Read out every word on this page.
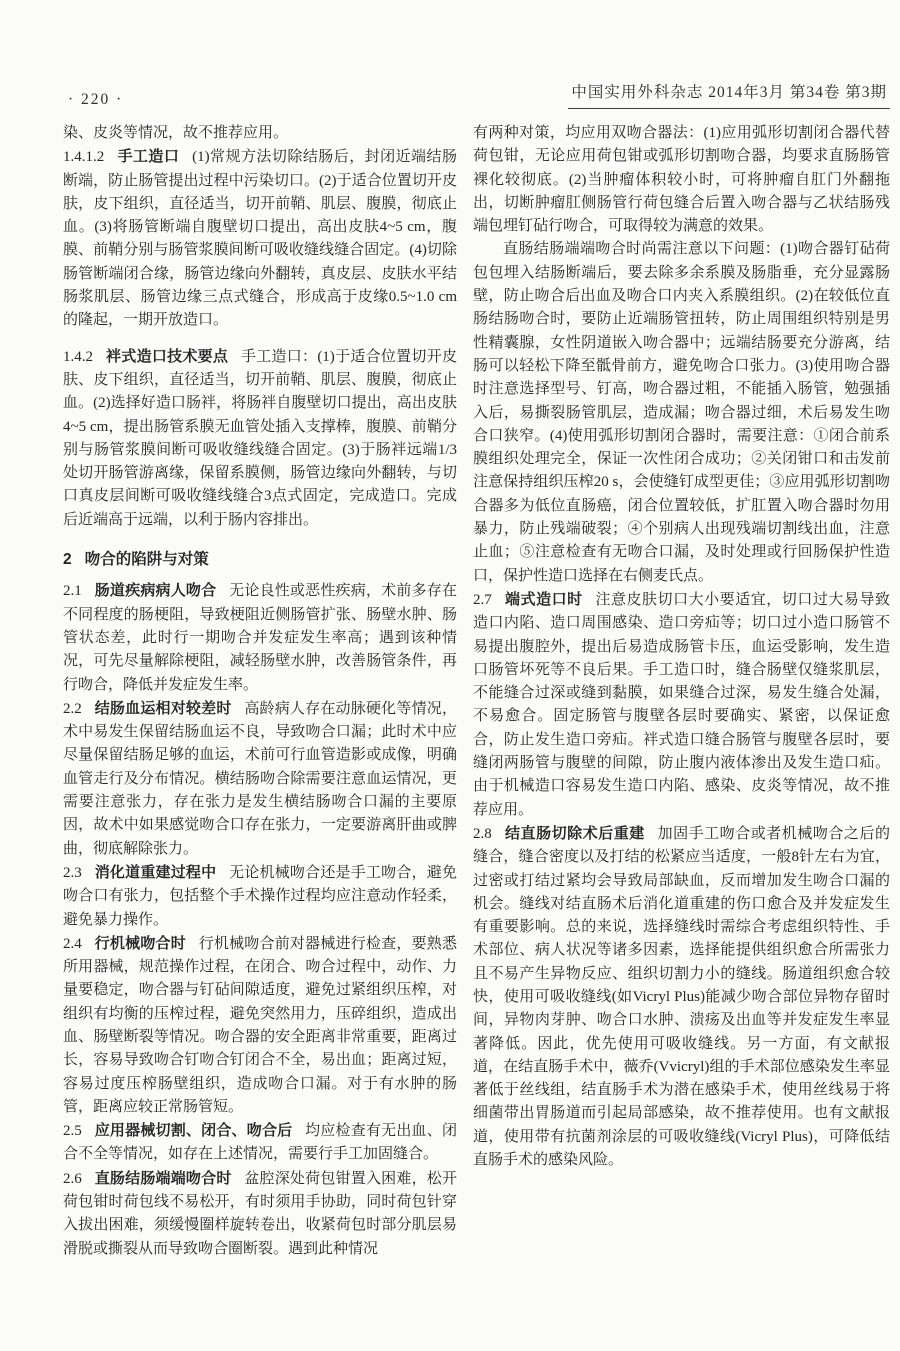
· 220 ·	中国实用外科杂志 2014年3月 第34卷 第3期

染、皮炎等情况，故不推荐应用。

1.4.1.2 手工造口 (1)常规方法切除结肠后，封闭近端结肠断端，防止肠管提出过程中污染切口。(2)于适合位置切开皮肤，皮下组织，直径适当，切开前鞘、肌层、腹膜，彻底止血。(3)将肠管断端自腹壁切口提出，高出皮肤4~5 cm，腹膜、前鞘分别与肠管浆膜间断可吸收缝线缝合固定。(4)切除肠管断端闭合缘，肠管边缘向外翻转，真皮层、皮肤水平结肠浆肌层、肠管边缘三点式缝合，形成高于皮缘0.5~1.0 cm的隆起，一期开放造口。

1.4.2 袢式造口技术要点 手工造口：(1)于适合位置切开皮肤、皮下组织，直径适当，切开前鞘、肌层、腹膜，彻底止血。(2)选择好造口肠袢，将肠袢自腹壁切口提出，高出皮肤4~5 cm，提出肠管系膜无血管处插入支撑棒，腹膜、前鞘分别与肠管浆膜间断可吸收缝线缝合固定。(3)于肠袢远端1/3处切开肠管游离缘，保留系膜侧，肠管边缘向外翻转，与切口真皮层间断可吸收缝线缝合3点式固定，完成造口。完成后近端高于远端，以利于肠内容排出。

2 吻合的陷阱与对策

2.1 肠道疾病病人吻合 无论良性或恶性疾病，术前多存在不同程度的肠梗阻，导致梗阻近侧肠管扩张、肠壁水肿、肠管状态差，此时行一期吻合并发症发生率高；遇到该种情况，可先尽量解除梗阻，减轻肠壁水肿，改善肠管条件，再行吻合，降低并发症发生率。

2.2 结肠血运相对较差时 高龄病人存在动脉硬化等情况，术中易发生保留结肠血运不良，导致吻合口漏；此时术中应尽量保留结肠足够的血运，术前可行血管造影或成像，明确血管走行及分布情况。横结肠吻合除需要注意血运情况，更需要注意张力，存在张力是发生横结肠吻合口漏的主要原因，故术中如果感觉吻合口存在张力，一定要游离肝曲或脾曲，彻底解除张力。

2.3 消化道重建过程中 无论机械吻合还是手工吻合，避免吻合口有张力，包括整个手术操作过程均应注意动作轻柔，避免暴力操作。

2.4 行机械吻合时 行机械吻合前对器械进行检查，要熟悉所用器械，规范操作过程，在闭合、吻合过程中，动作、力量要稳定，吻合器与钉砧间隙适度，避免过紧组织压榨，对组织有均衡的压榨过程，避免突然用力，压碎组织，造成出血、肠壁断裂等情况。吻合器的安全距离非常重要，距离过长，容易导致吻合钉吻合钉闭合不全，易出血；距离过短，容易过度压榨肠壁组织，造成吻合口漏。对于有水肿的肠管，距离应较正常肠管短。

2.5 应用器械切割、闭合、吻合后 均应检查有无出血、闭合不全等情况，如存在上述情况，需要行手工加固缝合。

2.6 直肠结肠端端吻合时 盆腔深处荷包钳置入困难，松开荷包钳时荷包线不易松开，有时须用手协助，同时荷包针穿入拔出困难，须缓慢圈样旋转卷出，收紧荷包时部分肌层易滑脱或撕裂从而导致吻合圈断裂。遇到此种情况

有两种对策，均应用双吻合器法：(1)应用弧形切割闭合器代替荷包钳，无论应用荷包钳或弧形切割吻合器，均要求直肠肠管裸化较彻底。(2)当肿瘤体积较小时，可将肿瘤自肛门外翻拖出，切断肿瘤肛侧肠管行荷包缝合后置入吻合器与乙状结肠残端包埋钉砧行吻合，可取得较为满意的效果。

直肠结肠端端吻合时尚需注意以下问题：(1)吻合器钉砧荷包包埋入结肠断端后，要去除多余系膜及肠脂垂，充分显露肠壁，防止吻合后出血及吻合口内夹入系膜组织。(2)在较低位直肠结肠吻合时，要防止近端肠管扭转，防止周围组织特别是男性精囊腺，女性阴道嵌入吻合器中；远端结肠要充分游离，结肠可以轻松下降至骶骨前方，避免吻合口张力。(3)使用吻合器时注意选择型号、钉高，吻合器过粗，不能插入肠管，勉强插入后，易撕裂肠管肌层，造成漏；吻合器过细，术后易发生吻合口狭窄。(4)使用弧形切割闭合器时，需要注意：①闭合前系膜组织处理完全，保证一次性闭合成功；②关闭钳口和击发前注意保持组织压榨20 s，会使缝钉成型更佳；③应用弧形切割吻合器多为低位直肠癌，闭合位置较低，扩肛置入吻合器时勿用暴力，防止残端破裂；④个别病人出现残端切割线出血，注意止血；⑤注意检查有无吻合口漏，及时处理或行回肠保护性造口，保护性造口选择在右侧麦氏点。

2.7 端式造口时 注意皮肤切口大小要适宜，切口过大易导致造口内陷、造口周围感染、造口旁疝等；切口过小造口肠管不易提出腹腔外，提出后易造成肠管卡压，血运受影响，发生造口肠管坏死等不良后果。手工造口时，缝合肠壁仅缝浆肌层，不能缝合过深或缝到黏膜，如果缝合过深，易发生缝合处漏，不易愈合。固定肠管与腹壁各层时要确实、紧密，以保证愈合，防止发生造口旁疝。袢式造口缝合肠管与腹壁各层时，要缝闭两肠管与腹壁的间隙，防止腹内液体渗出及发生造口疝。由于机械造口容易发生造口内陷、感染、皮炎等情况，故不推荐应用。

2.8 结直肠切除术后重建 加固手工吻合或者机械吻合之后的缝合，缝合密度以及打结的松紧应当适度，一般8针左右为宜，过密或打结过紧均会导致局部缺血，反而增加发生吻合口漏的机会。缝线对结直肠术后消化道重建的伤口愈合及并发症发生有重要影响。总的来说，选择缝线时需综合考虑组织特性、手术部位、病人状况等诸多因素，选择能提供组织愈合所需张力且不易产生异物反应、组织切割力小的缝线。肠道组织愈合较快，使用可吸收缝线(如Vicryl Plus)能减少吻合部位异物存留时间，异物肉芽肿、吻合口水肿、溃疡及出血等并发症发生率显著降低。因此，优先使用可吸收缝线。另一方面，有文献报道，在结直肠手术中，薇乔(Vvicryl)组的手术部位感染发生率显著低于丝线组，结直肠手术为潜在感染手术，使用丝线易于将细菌带出胃肠道而引起局部感染，故不推荐使用。也有文献报道，使用带有抗菌剂涂层的可吸收缝线(Vicryl Plus)，可降低结直肠手术的感染风险。
